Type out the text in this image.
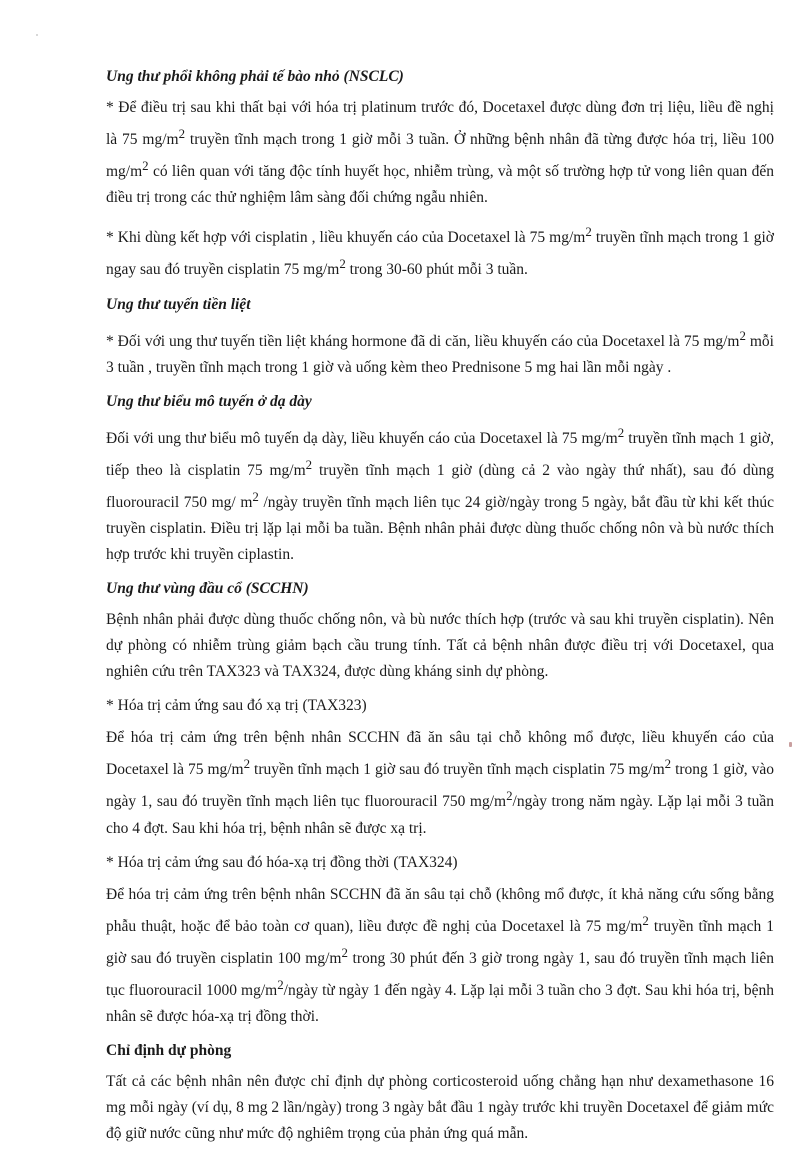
Ung thư phổi không phải tế bào nhỏ (NSCLC)

* Để điều trị sau khi thất bại với hóa trị platinum trước đó, Docetaxel được dùng đơn trị liệu, liều đề nghị là 75 $mg/m^2$ truyền tĩnh mạch trong 1 giờ mỗi 3 tuần. Ở những bệnh nhân đã từng được hóa trị, liều 100 $mg/m^2$ có liên quan với tăng độc tính huyết học, nhiễm trùng, và một số trường hợp tử vong liên quan đến điều trị trong các thử nghiệm lâm sàng đối chứng ngẫu nhiên.

* Khi dùng kết hợp với cisplatin , liều khuyến cáo của Docetaxel là 75 $mg/m^2$ truyền tĩnh mạch trong 1 giờ ngay sau đó truyền cisplatin 75 $mg/m^2$ trong 30-60 phút mỗi 3 tuần.

Ung thư tuyến tiền liệt

* Đối với ung thư tuyến tiền liệt kháng hormone đã di căn, liều khuyến cáo của Docetaxel là 75 $mg/m^2$ mỗi 3 tuần , truyền tĩnh mạch trong 1 giờ và uống kèm theo Prednisone 5 mg hai lần mỗi ngày .

Ung thư biểu mô tuyến ở dạ dày

Đối với ung thư biểu mô tuyến dạ dày, liều khuyến cáo của Docetaxel là 75 $mg/m^2$ truyền tĩnh mạch 1 giờ, tiếp theo là cisplatin 75 $mg/m^2$ truyền tĩnh mạch 1 giờ (dùng cả 2 vào ngày thứ nhất), sau đó dùng fluorouracil 750 mg/ $m^2$ /ngày truyền tĩnh mạch liên tục 24 giờ/ngày trong 5 ngày, bắt đầu từ khi kết thúc truyền cisplatin. Điều trị lặp lại mỗi ba tuần. Bệnh nhân phải được dùng thuốc chống nôn và bù nước thích hợp trước khi truyền ciplastin.

Ung thư vùng đầu cổ (SCCHN)

Bệnh nhân phải được dùng thuốc chống nôn, và bù nước thích hợp (trước và sau khi truyền cisplatin). Nên dự phòng có nhiễm trùng giảm bạch cầu trung tính. Tất cả bệnh nhân được điều trị với Docetaxel, qua nghiên cứu trên TAX323 và TAX324, được dùng kháng sinh dự phòng.

* Hóa trị cảm ứng sau đó xạ trị (TAX323)

Để hóa trị cảm ứng trên bệnh nhân SCCHN đã ăn sâu tại chỗ không mổ được, liều khuyến cáo của Docetaxel là 75 $mg/m^2$ truyền tĩnh mạch 1 giờ sau đó truyền tĩnh mạch cisplatin 75 $mg/m^2$ trong 1 giờ, vào ngày 1, sau đó truyền tĩnh mạch liên tục fluorouracil 750 $mg/m^2$/ngày trong năm ngày. Lặp lại mỗi 3 tuần cho 4 đợt. Sau khi hóa trị, bệnh nhân sẽ được xạ trị.

* Hóa trị cảm ứng sau đó hóa-xạ trị đồng thời (TAX324)

Để hóa trị cảm ứng trên bệnh nhân SCCHN đã ăn sâu tại chỗ (không mổ được, ít khả năng cứu sống bằng phẫu thuật, hoặc để bảo toàn cơ quan), liều được đề nghị của Docetaxel là 75 $mg/m^2$ truyền tĩnh mạch 1 giờ sau đó truyền cisplatin 100 $mg/m^2$ trong 30 phút đến 3 giờ trong ngày 1, sau đó truyền tĩnh mạch liên tục fluorouracil 1000 $mg/m^2$/ngày từ ngày 1 đến ngày 4. Lặp lại mỗi 3 tuần cho 3 đợt. Sau khi hóa trị, bệnh nhân sẽ được hóa-xạ trị đồng thời.

Chỉ định dự phòng

Tất cả các bệnh nhân nên được chỉ định dự phòng corticosteroid uống chẳng hạn như dexamethasone 16 mg mỗi ngày (ví dụ, 8 mg 2 lần/ngày) trong 3 ngày bắt đầu 1 ngày trước khi truyền Docetaxel để giảm mức độ giữ nước cũng như mức độ nghiêm trọng của phản ứng quá mẫn.
